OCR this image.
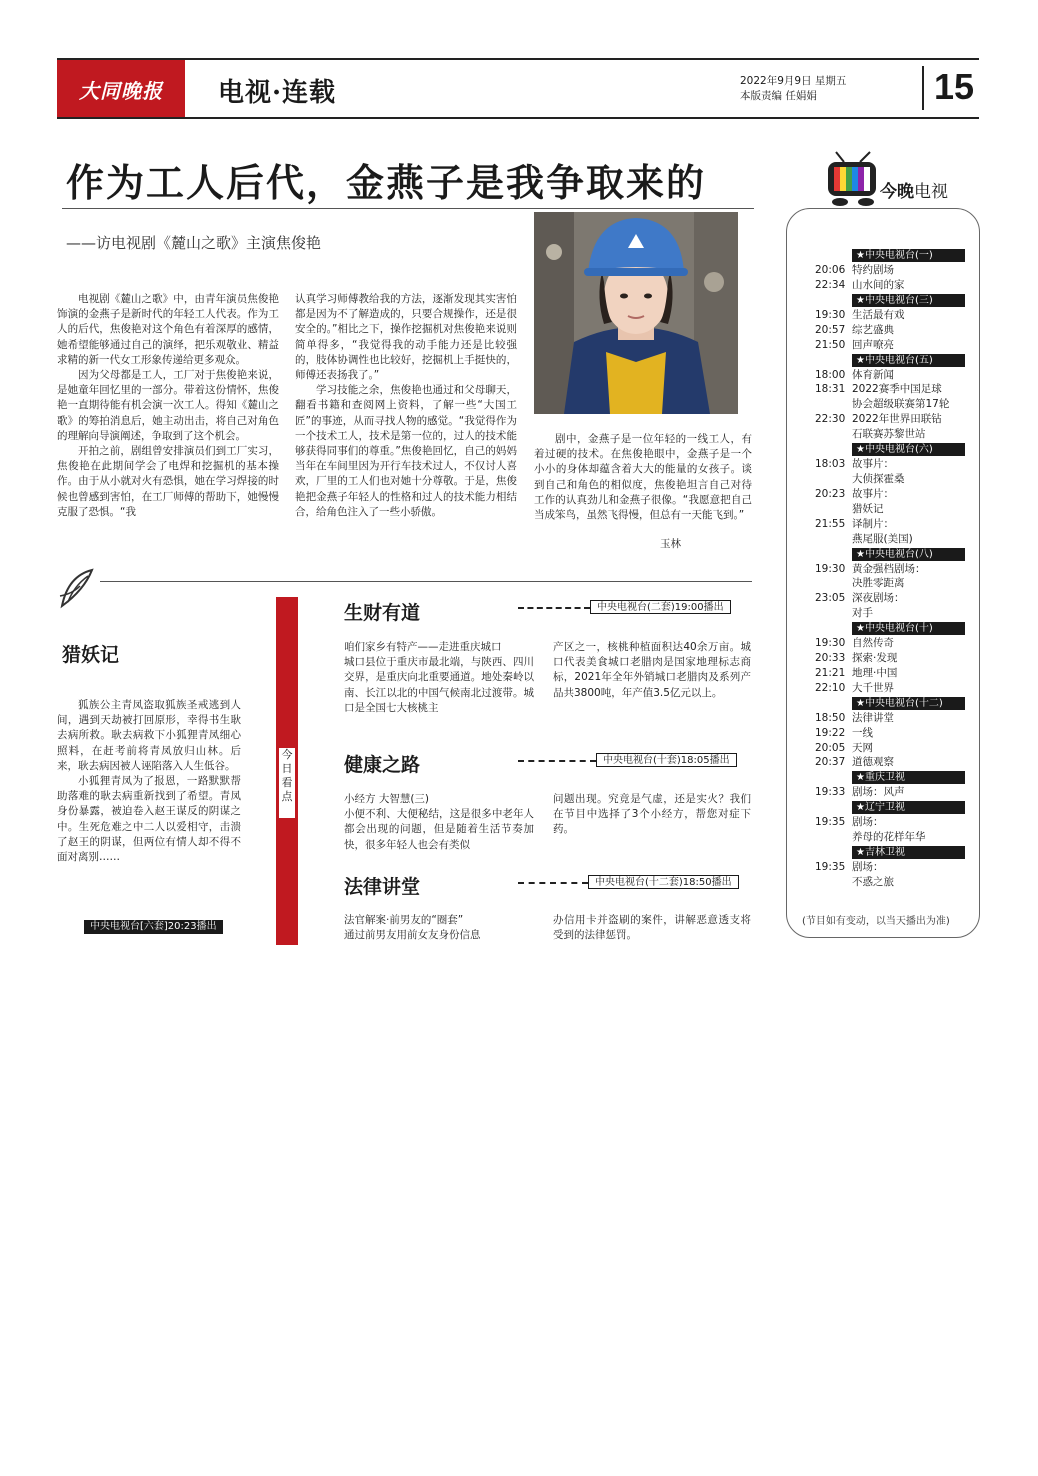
大同晚报 电视·连载	2022年9月9日 星期五
本版责编 任娟娟	15
作为工人后代，金燕子是我争取来的
——访电视剧《麓山之歌》主演焦俊艳

电视剧《麓山之歌》中，由青年演员焦俊艳饰演的金燕子是新时代的年轻工人代表。作为工人的后代，焦俊艳对这个角色有着深厚的感情，她希望能够通过自己的演绎，把乐观敬业、精益求精的新一代女工形象传递给更多观众。

因为父母都是工人，工厂对于焦俊艳来说，是她童年回忆里的一部分。带着这份情怀，焦俊艳一直期待能有机会演一次工人。得知《麓山之歌》的筹拍消息后，她主动出击，将自己对角色的理解向导演阐述，争取到了这个机会。

开拍之前，剧组曾安排演员们到工厂实习，焦俊艳在此期间学会了电焊和挖掘机的基本操作。由于从小就对火有恐惧，她在学习焊接的时候也曾感到害怕，在工厂师傅的帮助下，她慢慢克服了恐惧。“我

认真学习师傅教给我的方法，逐渐发现其实害怕都是因为不了解造成的，只要合规操作，还是很安全的。”相比之下，操作挖掘机对焦俊艳来说则简单得多，“我觉得我的动手能力还是比较强的，肢体协调性也比较好，挖掘机上手挺快的，师傅还表扬我了。”

学习技能之余，焦俊艳也通过和父母聊天，翻看书籍和查阅网上资料，了解一些“大国工匠”的事迹，从而寻找人物的感觉。“我觉得作为一个技术工人，技术是第一位的，过人的技术能够获得同事们的尊重。”焦俊艳回忆，自己的妈妈当年在车间里因为开行车技术过人，不仅讨人喜欢，厂里的工人们也对她十分尊敬。于是，焦俊艳把金燕子年轻人的性格和过人的技术能力相结合，给角色注入了一些小骄傲。

剧中，金燕子是一位年轻的一线工人，有着过硬的技术。在焦俊艳眼中，金燕子是一个小小的身体却蕴含着大大的能量的女孩子。谈到自己和角色的相似度，焦俊艳坦言自己对待工作的认真劲儿和金燕子很像。“我愿意把自己当成笨鸟，虽然飞得慢，但总有一天能飞到。”

玉林
今晚电视
★中央电视台(一)
20:06 特约剧场
22:34 山水间的家
★中央电视台(三)
19:30 生活最有戏
20:57 综艺盛典
21:50 回声嘹亮
★中央电视台(五)
18:00 体育新闻
18:31 2022赛季中国足球
协会超级联赛第17轮
22:30 2022年世界田联钻
石联赛苏黎世站
★中央电视台(六)
18:03 故事片：
大侦探霍桑
20:23 故事片：
猎妖记
21:55 译制片：
燕尾服(美国)
★中央电视台(八)
19:30 黄金强档剧场：
决胜零距离
23:05 深夜剧场：
对手
★中央电视台(十)
19:30 自然传奇
20:33 探索·发现
21:21 地理·中国
22:10 大千世界
★中央电视台(十二)
18:50 法律讲堂
19:22 一线
20:05 天网
20:37 道德观察
★重庆卫视
19:33 剧场：风声
★辽宁卫视
19:35 剧场：
养母的花样年华
★吉林卫视
19:35 剧场：
不惑之旅
(节目如有变动，以当天播出为准)
猎妖记

狐族公主青凤盗取狐族圣戒逃到人间，遇到天劫被打回原形，幸得书生耿去病所救。耿去病救下小狐狸青凤细心照料，在赶考前将青凤放归山林。后来，耿去病因被人诬陷落入人生低谷。

小狐狸青凤为了报恩，一路默默帮助落难的耿去病重新找到了希望。青凤身份暴露，被迫卷入赵王谋反的阴谋之中。生死危难之中二人以爱相守，击溃了赵王的阴谋，但两位有情人却不得不面对离别……

中央电视台[六套]20:23播出
今日看点
生财有道	中央电视台(二套)19:00播出
咱们家乡有特产——走进重庆城口
城口县位于重庆市最北端，与陕西、四川交界，是重庆向北重要通道。地处秦岭以南、长江以北的中国气候南北过渡带。城口是全国七大核桃主
产区之一，核桃种植面积达40余万亩。城口代表美食城口老腊肉是国家地理标志商标，2021年全年外销城口老腊肉及系列产品共3800吨，年产值3.5亿元以上。
健康之路	中央电视台(十套)18:05播出
小经方 大智慧(三)
小便不利、大便秘结，这是很多中老年人都会出现的问题，但是随着生活节奏加快，很多年轻人也会有类似
问题出现。究竟是气虚，还是实火？我们在节目中选择了3个小经方，帮您对症下药。
法律讲堂	中央电视台(十二套)18:50播出
法官解案·前男友的“圈套”
通过前男友用前女友身份信息
办信用卡并盗刷的案件，讲解恶意透支将受到的法律惩罚。
